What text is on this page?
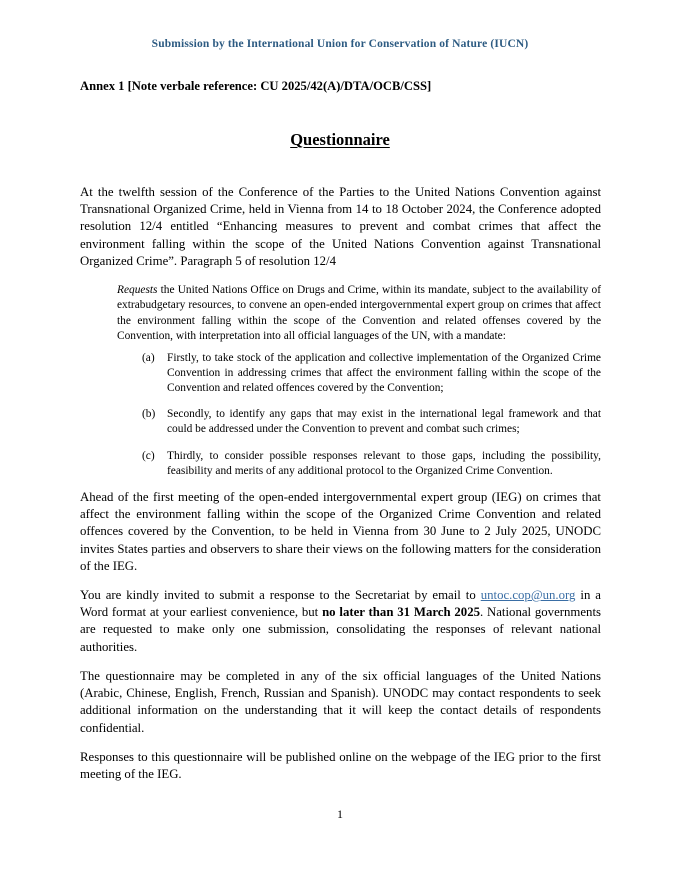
Submission by the International Union for Conservation of Nature (IUCN)
Annex 1 [Note verbale reference: CU 2025/42(A)/DTA/OCB/CSS]
Questionnaire

At the twelfth session of the Conference of the Parties to the United Nations Convention against Transnational Organized Crime, held in Vienna from 14 to 18 October 2024, the Conference adopted resolution 12/4 entitled “Enhancing measures to prevent and combat crimes that affect the environment falling within the scope of the United Nations Convention against Transnational Organized Crime”. Paragraph 5 of resolution 12/4

Requests the United Nations Office on Drugs and Crime, within its mandate, subject to the availability of extrabudgetary resources, to convene an open-ended intergovernmental expert group on crimes that affect the environment falling within the scope of the Convention and related offenses covered by the Convention, with interpretation into all official languages of the UN, with a mandate:
(a) Firstly, to take stock of the application and collective implementation of the Organized Crime Convention in addressing crimes that affect the environment falling within the scope of the Convention and related offences covered by the Convention;
(b) Secondly, to identify any gaps that may exist in the international legal framework and that could be addressed under the Convention to prevent and combat such crimes;
(c) Thirdly, to consider possible responses relevant to those gaps, including the possibility, feasibility and merits of any additional protocol to the Organized Crime Convention.

Ahead of the first meeting of the open-ended intergovernmental expert group (IEG) on crimes that affect the environment falling within the scope of the Organized Crime Convention and related offences covered by the Convention, to be held in Vienna from 30 June to 2 July 2025, UNODC invites States parties and observers to share their views on the following matters for the consideration of the IEG.

You are kindly invited to submit a response to the Secretariat by email to untoc.cop@un.org in a Word format at your earliest convenience, but no later than 31 March 2025. National governments are requested to make only one submission, consolidating the responses of relevant national authorities.

The questionnaire may be completed in any of the six official languages of the United Nations (Arabic, Chinese, English, French, Russian and Spanish). UNODC may contact respondents to seek additional information on the understanding that it will keep the contact details of respondents confidential.

Responses to this questionnaire will be published online on the webpage of the IEG prior to the first meeting of the IEG.

1
